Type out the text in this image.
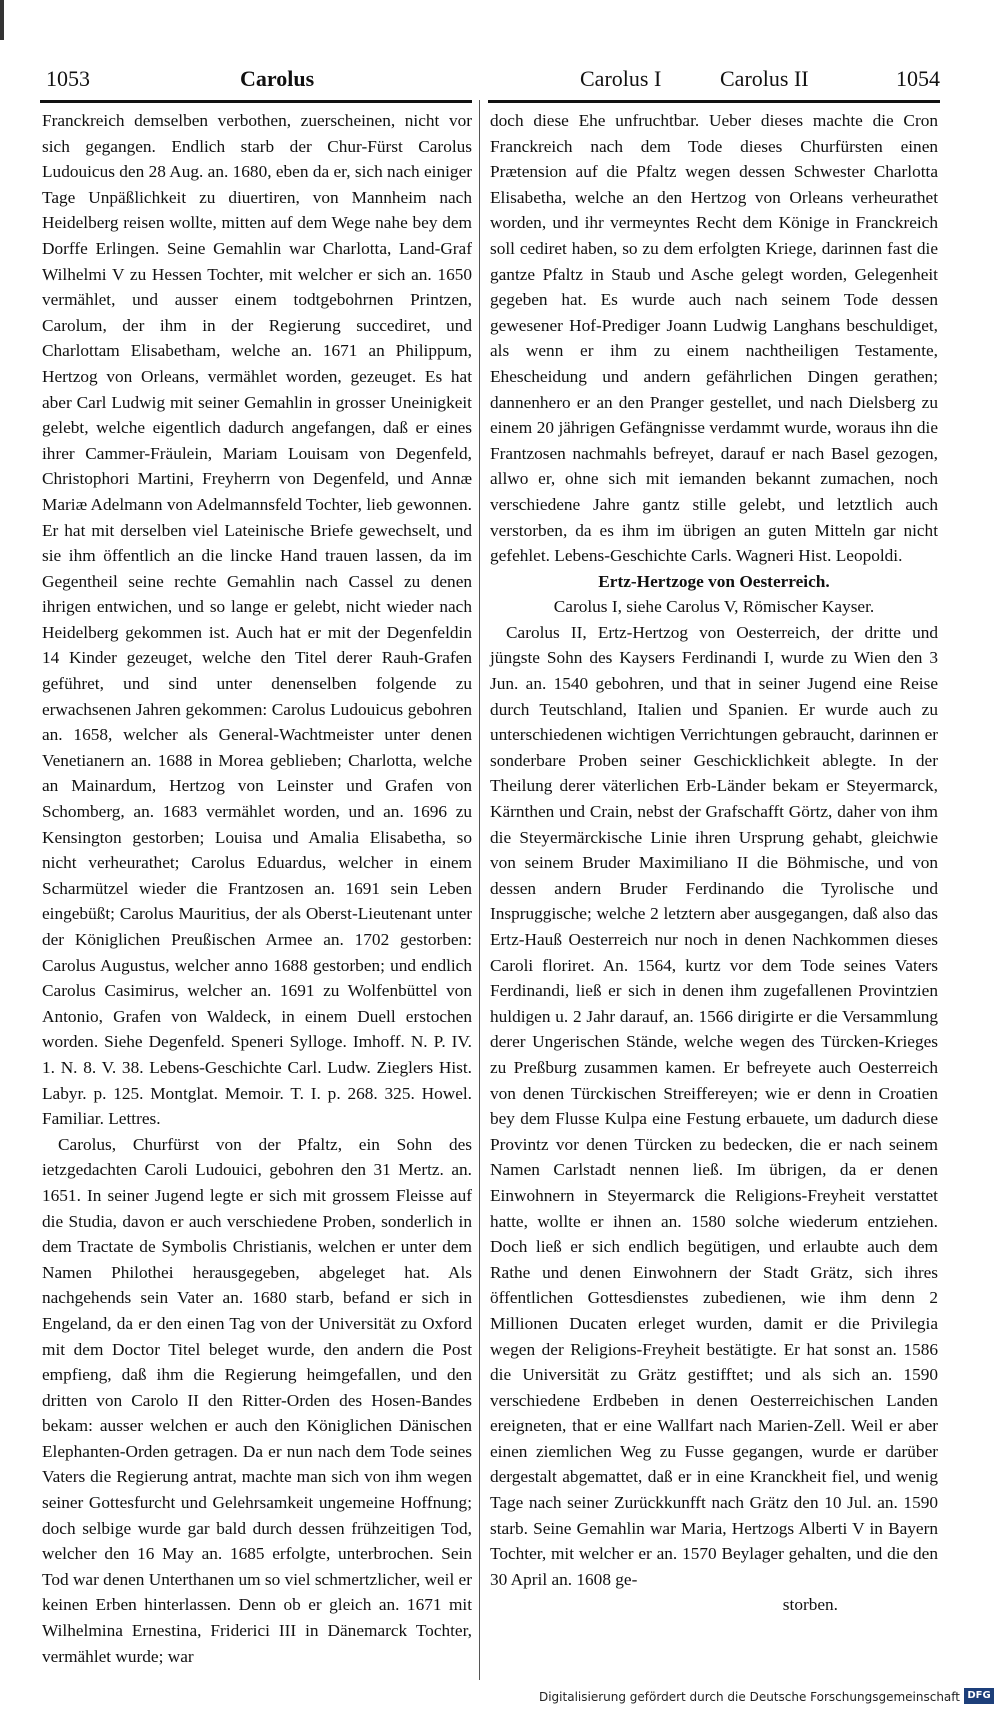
1053	Carolus	Carolus I	Carolus II	1054

Franckreich demselben verbothen, zuerscheinen, nicht vor sich gegangen. Endlich starb der Chur-Fürst Carolus Ludouicus den 28 Aug. an. 1680, eben da er, sich nach einiger Tage Unpäßlichkeit zu diuertiren, von Mannheim nach Heidelberg reisen wollte, mitten auf dem Wege nahe bey dem Dorffe Erlingen. Seine Gemahlin war Charlotta, Land-Graf Wilhelmi V zu Hessen Tochter, mit welcher er sich an. 1650 vermählet, und ausser einem todtgebohrnen Printzen, Carolum, der ihm in der Regierung succediret, und Charlottam Elisabetham, welche an. 1671 an Philippum, Hertzog von Orleans, vermählet worden, gezeuget. Es hat aber Carl Ludwig mit seiner Gemahlin in grosser Uneinigkeit gelebt, welche eigentlich dadurch angefangen, daß er eines ihrer Cammer-Fräulein, Mariam Louisam von Degenfeld, Christophori Martini, Freyherrn von Degenfeld, und Annæ Mariæ Adelmann von Adelmannsfeld Tochter, lieb gewonnen. Er hat mit derselben viel Lateinische Briefe gewechselt, und sie ihm öffentlich an die lincke Hand trauen lassen, da im Gegentheil seine rechte Gemahlin nach Cassel zu denen ihrigen entwichen, und so lange er gelebt, nicht wieder nach Heidelberg gekommen ist. Auch hat er mit der Degenfeldin 14 Kinder gezeuget, welche den Titel derer Rauh-Grafen geführet, und sind unter denenselben folgende zu erwachsenen Jahren gekommen: Carolus Ludouicus gebohren an. 1658, welcher als General-Wachtmeister unter denen Venetianern an. 1688 in Morea geblieben; Charlotta, welche an Mainardum, Hertzog von Leinster und Grafen von Schomberg, an. 1683 vermählet worden, und an. 1696 zu Kensington gestorben; Louisa und Amalia Elisabetha, so nicht verheurathet; Carolus Eduardus, welcher in einem Scharmützel wieder die Frantzosen an. 1691 sein Leben eingebüßt; Carolus Mauritius, der als Oberst-Lieutenant unter der Königlichen Preußischen Armee an. 1702 gestorben: Carolus Augustus, welcher anno 1688 gestorben; und endlich Carolus Casimirus, welcher an. 1691 zu Wolfenbüttel von Antonio, Grafen von Waldeck, in einem Duell erstochen worden. Siehe Degenfeld. Speneri Sylloge. Imhoff. N. P. IV. 1. N. 8. V. 38. Lebens-Geschichte Carl. Ludw. Zieglers Hist. Labyr. p. 125. Montglat. Memoir. T. I. p. 268. 325. Howel. Familiar. Lettres.

Carolus, Churfürst von der Pfaltz, ein Sohn des ietzgedachten Caroli Ludouici, gebohren den 31 Mertz. an. 1651. In seiner Jugend legte er sich mit grossem Fleisse auf die Studia, davon er auch verschiedene Proben, sonderlich in dem Tractate de Symbolis Christianis, welchen er unter dem Namen Philothei herausgegeben, abgeleget hat. Als nachgehends sein Vater an. 1680 starb, befand er sich in Engeland, da er den einen Tag von der Universität zu Oxford mit dem Doctor Titel beleget wurde, den andern die Post empfieng, daß ihm die Regierung heimgefallen, und den dritten von Carolo II den Ritter-Orden des Hosen-Bandes bekam: ausser welchen er auch den Königlichen Dänischen Elephanten-Orden getragen. Da er nun nach dem Tode seines Vaters die Regierung antrat, machte man sich von ihm wegen seiner Gottesfurcht und Gelehrsamkeit ungemeine Hoffnung; doch selbige wurde gar bald durch dessen frühzeitigen Tod, welcher den 16 May an. 1685 erfolgte, unterbrochen. Sein Tod war denen Unterthanen um so viel schmertzlicher, weil er keinen Erben hinterlassen. Denn ob er gleich an. 1671 mit Wilhelmina Ernestina, Friderici III in Dänemarck Tochter, vermählet wurde; war

doch diese Ehe unfruchtbar. Ueber dieses machte die Cron Franckreich nach dem Tode dieses Churfürsten einen Prætension auf die Pfaltz wegen dessen Schwester Charlotta Elisabetha, welche an den Hertzog von Orleans verheurathet worden, und ihr vermeyntes Recht dem Könige in Franckreich soll cediret haben, so zu dem erfolgten Kriege, darinnen fast die gantze Pfaltz in Staub und Asche gelegt worden, Gelegenheit gegeben hat. Es wurde auch nach seinem Tode dessen gewesener Hof-Prediger Joann Ludwig Langhans beschuldiget, als wenn er ihm zu einem nachtheiligen Testamente, Ehescheidung und andern gefährlichen Dingen gerathen; dannenhero er an den Pranger gestellet, und nach Dielsberg zu einem 20 jährigen Gefängnisse verdammt wurde, woraus ihn die Frantzosen nachmahls befreyet, darauf er nach Basel gezogen, allwo er, ohne sich mit iemanden bekannt zumachen, noch verschiedene Jahre gantz stille gelebt, und letztlich auch verstorben, da es ihm im übrigen an guten Mitteln gar nicht gefehlet. Lebens-Geschichte Carls. Wagneri Hist. Leopoldi.

Ertz-Hertzoge von Oesterreich.

Carolus I, siehe Carolus V, Römischer Kayser.

Carolus II, Ertz-Hertzog von Oesterreich, der dritte und jüngste Sohn des Kaysers Ferdinandi I, wurde zu Wien den 3 Jun. an. 1540 gebohren, und that in seiner Jugend eine Reise durch Teutschland, Italien und Spanien. Er wurde auch zu unterschiedenen wichtigen Verrichtungen gebraucht, darinnen er sonderbare Proben seiner Geschicklichkeit ablegte. In der Theilung derer väterlichen Erb-Länder bekam er Steyermarck, Kärnthen und Crain, nebst der Grafschafft Görtz, daher von ihm die Steyermärckische Linie ihren Ursprung gehabt, gleichwie von seinem Bruder Maximiliano II die Böhmische, und von dessen andern Bruder Ferdinando die Tyrolische und Inspruggische; welche 2 letztern aber ausgegangen, daß also das Ertz-Hauß Oesterreich nur noch in denen Nachkommen dieses Caroli floriret. An. 1564, kurtz vor dem Tode seines Vaters Ferdinandi, ließ er sich in denen ihm zugefallenen Provintzien huldigen u. 2 Jahr darauf, an. 1566 dirigirte er die Versammlung derer Ungerischen Stände, welche wegen des Türcken-Krieges zu Preßburg zusammen kamen. Er befreyete auch Oesterreich von denen Türckischen Streiffereyen; wie er denn in Croatien bey dem Flusse Kulpa eine Festung erbauete, um dadurch diese Provintz vor denen Türcken zu bedecken, die er nach seinem Namen Carlstadt nennen ließ. Im übrigen, da er denen Einwohnern in Steyermarck die Religions-Freyheit verstattet hatte, wollte er ihnen an. 1580 solche wiederum entziehen. Doch ließ er sich endlich begütigen, und erlaubte auch dem Rathe und denen Einwohnern der Stadt Grätz, sich ihres öffentlichen Gottesdienstes zubedienen, wie ihm denn 2 Millionen Ducaten erleget wurden, damit er die Privilegia wegen der Religions-Freyheit bestätigte. Er hat sonst an. 1586 die Universität zu Grätz gestifftet; und als sich an. 1590 verschiedene Erdbeben in denen Oesterreichischen Landen ereigneten, that er eine Wallfart nach Marien-Zell. Weil er aber einen ziemlichen Weg zu Fusse gegangen, wurde er darüber dergestalt abgemattet, daß er in eine Kranckheit fiel, und wenig Tage nach seiner Zurückkunfft nach Grätz den 10 Jul. an. 1590 starb. Seine Gemahlin war Maria, Hertzogs Alberti V in Bayern Tochter, mit welcher er an. 1570 Beylager gehalten, und die den 30 April an. 1608 ge-

storben.

Digitalisierung gefördert durch die Deutsche Forschungsgemeinschaft DFG
